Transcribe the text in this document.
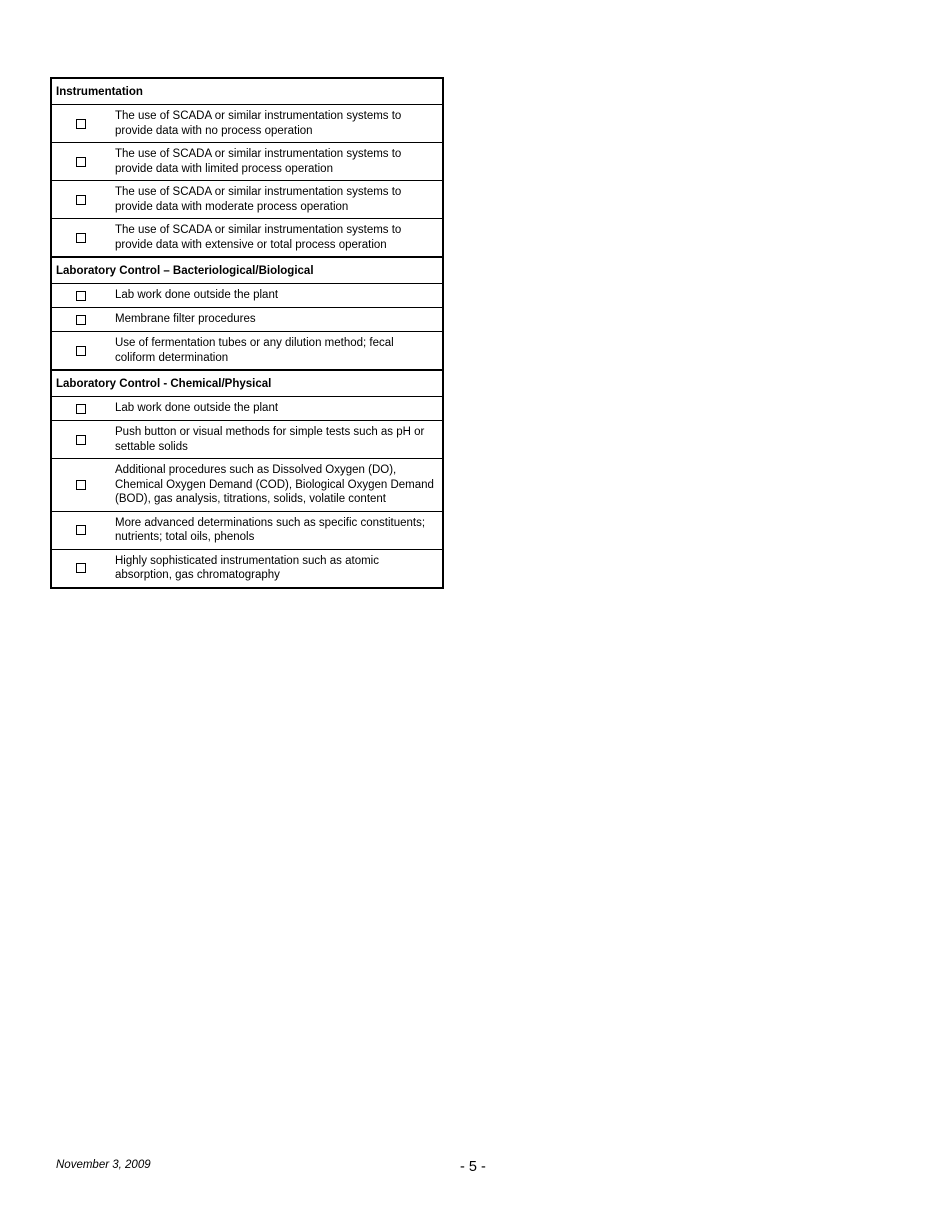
Instrumentation
The use of SCADA or similar instrumentation systems to provide data with no process operation
The use of SCADA or similar instrumentation systems to provide data with limited process operation
The use of SCADA or similar instrumentation systems to provide data with moderate process operation
The use of SCADA or similar instrumentation systems to provide data with extensive or total process operation
Laboratory Control – Bacteriological/Biological
Lab work done outside the plant
Membrane filter procedures
Use of fermentation tubes or any dilution method; fecal coliform determination
Laboratory Control - Chemical/Physical
Lab work done outside the plant
Push button or visual methods for simple tests such as pH or settable solids
Additional procedures such as Dissolved Oxygen (DO), Chemical Oxygen Demand (COD), Biological Oxygen Demand (BOD), gas analysis, titrations, solids, volatile content
More advanced determinations such as specific constituents; nutrients; total oils, phenols
Highly sophisticated instrumentation such as atomic absorption, gas chromatography
November 3, 2009	- 5 -
